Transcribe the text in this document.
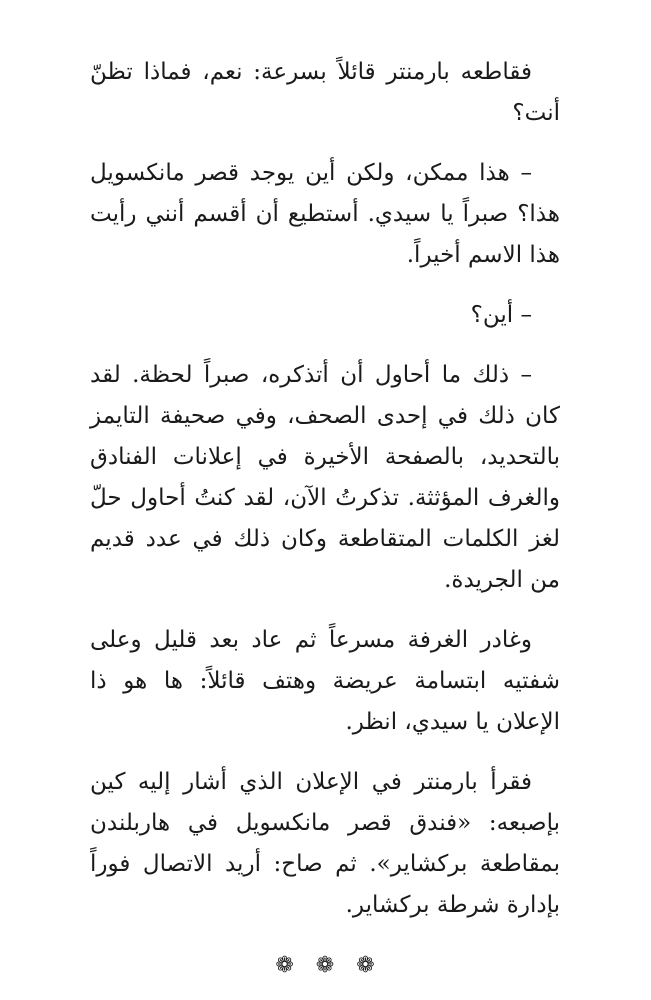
فقاطعه بارمنتر قائلاً بسرعة: نعم، فماذا تظنّ أنت؟

– هذا ممكن، ولكن أين يوجد قصر مانكسويل هذا؟ صبراً يا سيدي. أستطيع أن أقسم أنني رأيت هذا الاسم أخيراً.

– أين؟

– ذلك ما أحاول أن أتذكره، صبراً لحظة. لقد كان ذلك في إحدى الصحف، وفي صحيفة التايمز بالتحديد، بالصفحة الأخيرة في إعلانات الفنادق والغرف المؤثثة. تذكرتُ الآن، لقد كنتُ أحاول حلّ لغز الكلمات المتقاطعة وكان ذلك في عدد قديم من الجريدة.

وغادر الغرفة مسرعاً ثم عاد بعد قليل وعلى شفتيه ابتسامة عريضة وهتف قائلاً: ها هو ذا الإعلان يا سيدي، انظر.

فقرأ بارمنتر في الإعلان الذي أشار إليه كين بإصبعه: «فندق قصر مانكسويل في هاربلندن بمقاطعة بركشاير». ثم صاح: أريد الاتصال فوراً بإدارة شرطة بركشاير.

❁❁❁
